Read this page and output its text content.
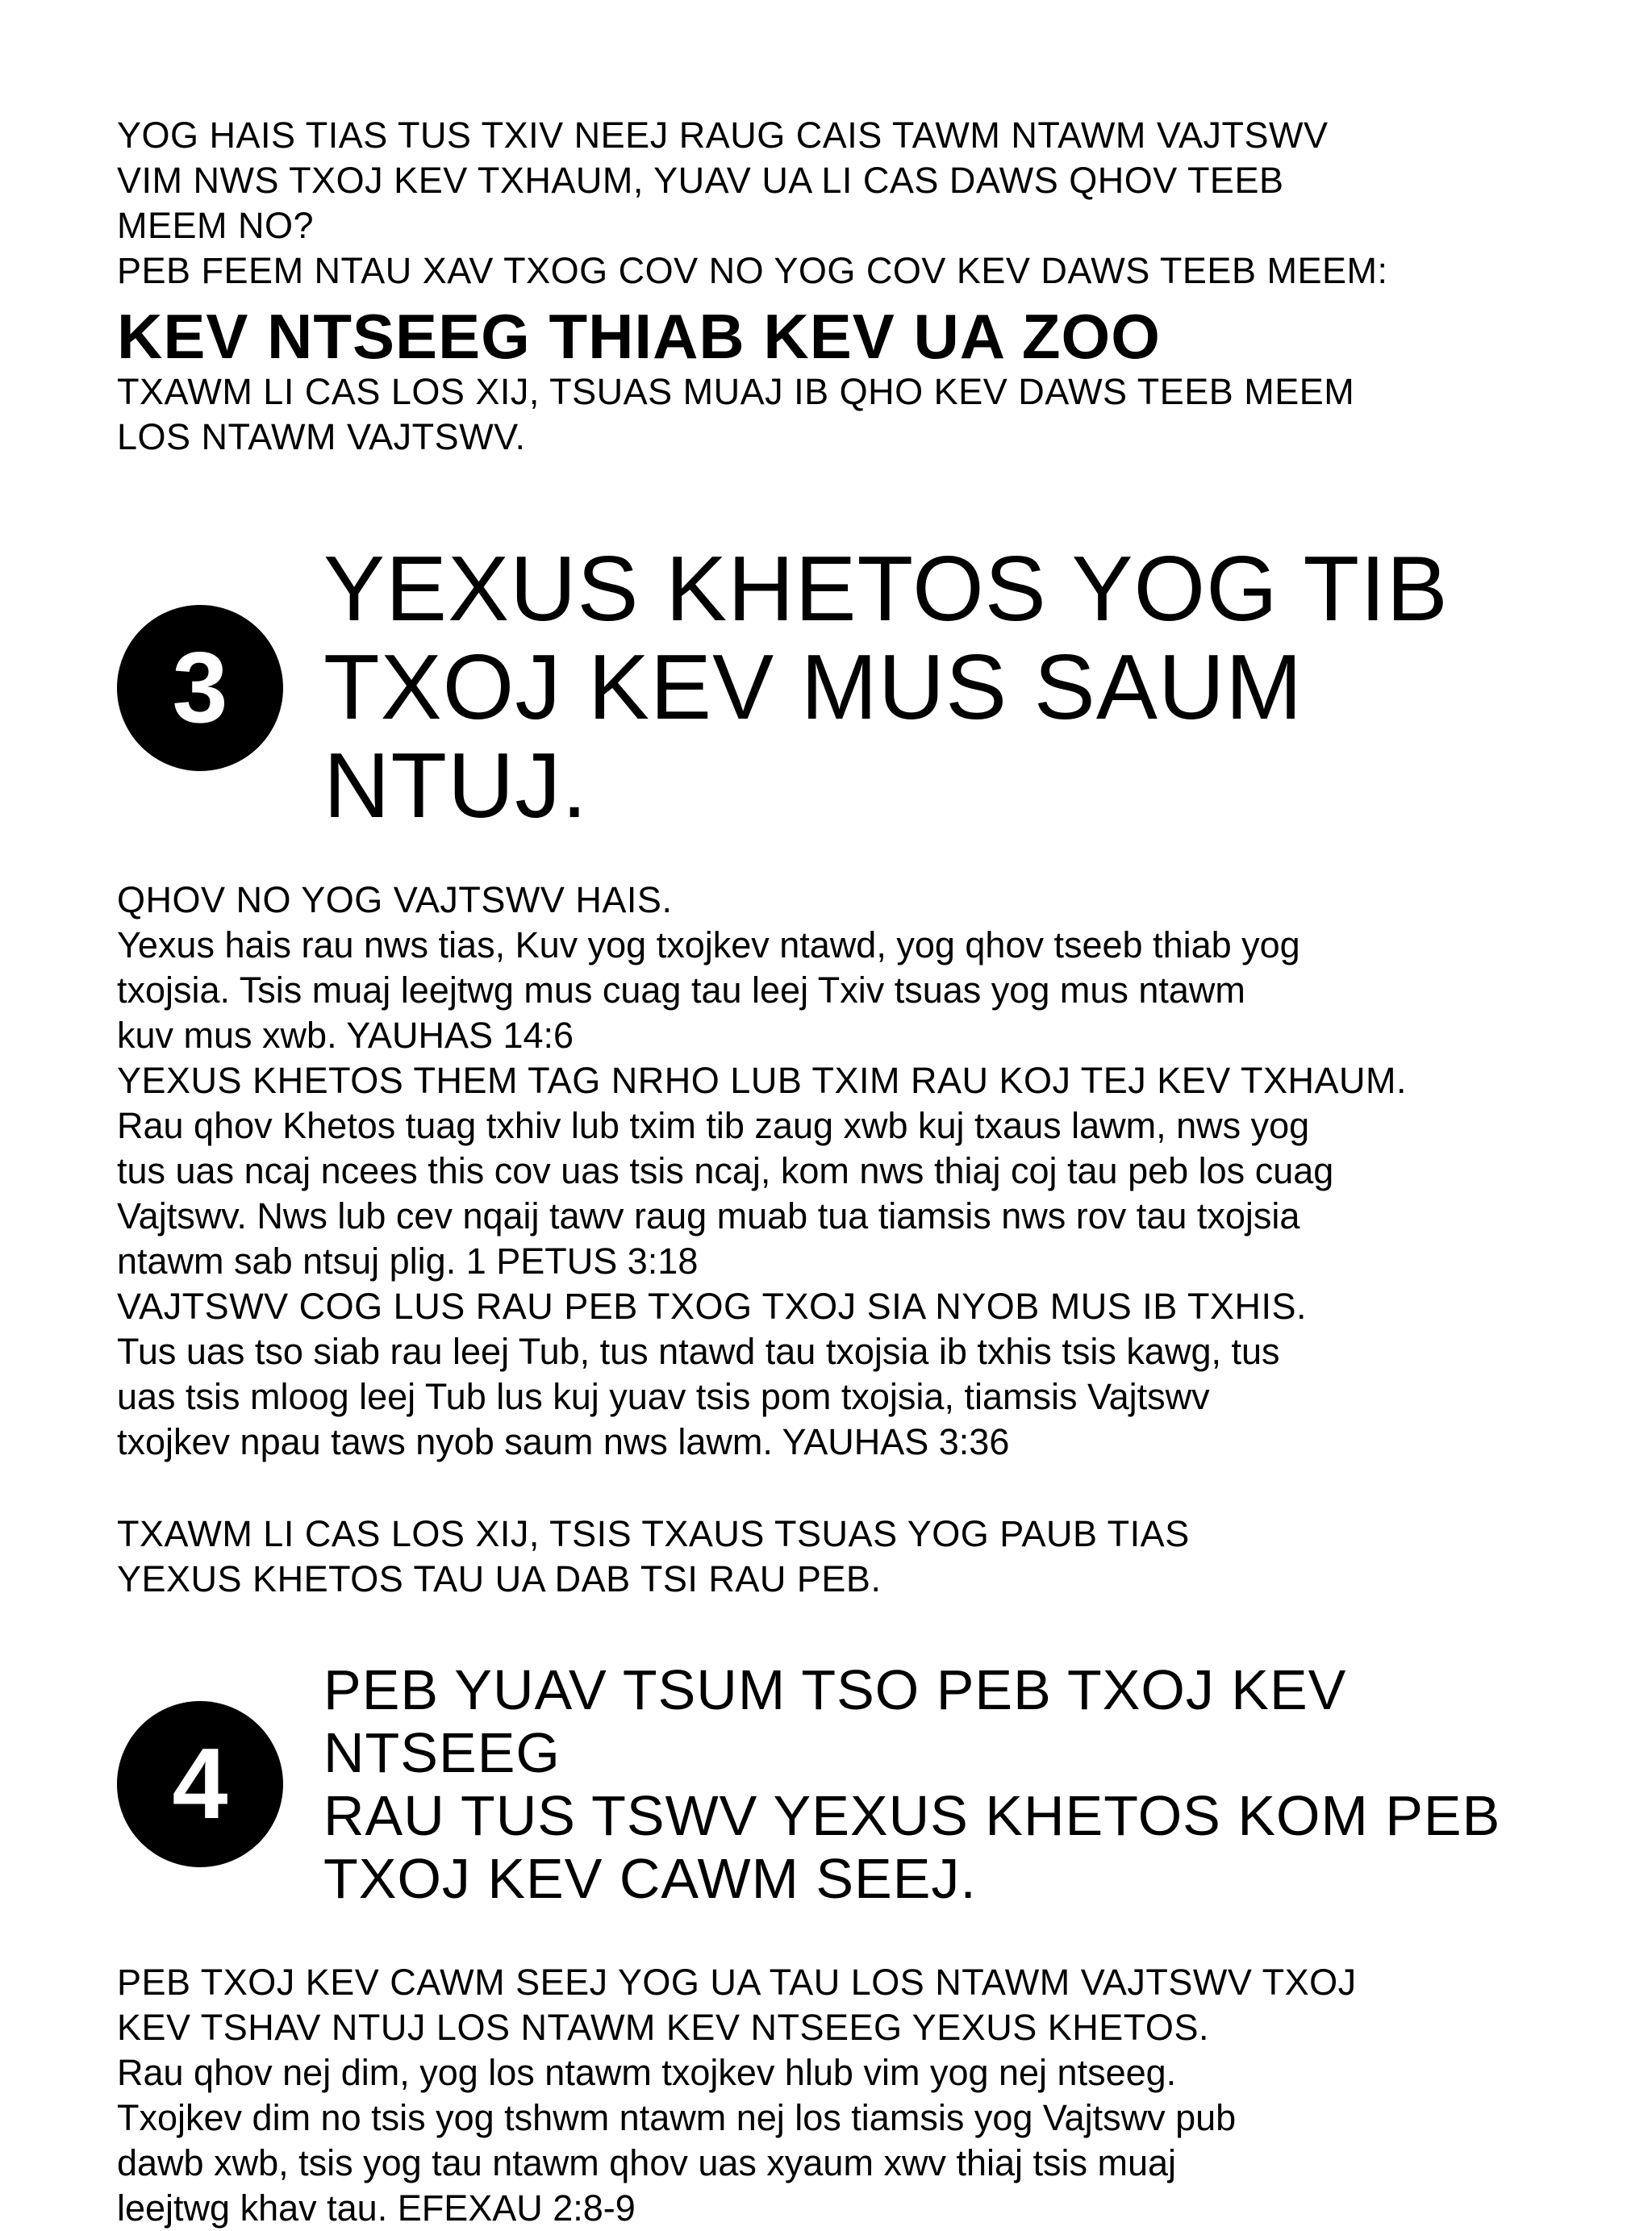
YOG HAIS TIAS TUS TXIV NEEJ RAUG CAIS TAWM NTAWM VAJTSWV

VIM NWS TXOJ KEV TXHAUM, YUAV UA LI CAS DAWS QHOV TEEB

MEEM NO?

PEB FEEM NTAU XAV TXOG COV NO YOG COV KEV DAWS TEEB MEEM:

KEV NTSEEG THIAB KEV UA ZOO

TXAWM LI CAS LOS XIJ, TSUAS MUAJ IB QHO KEV DAWS TEEB MEEM

LOS NTAWM VAJTSWV.

3

YEXUS KHETOS YOG TIB

TXOJ KEV MUS SAUM NTUJ.

QHOV NO YOG VAJTSWV HAIS.

Yexus hais rau nws tias, Kuv yog txojkev ntawd, yog qhov tseeb thiab yog

txojsia. Tsis muaj leejtwg mus cuag tau leej Txiv tsuas yog mus ntawm

kuv mus xwb. YAUHAS 14:6

YEXUS KHETOS THEM TAG NRHO LUB TXIM RAU KOJ TEJ KEV TXHAUM.

Rau qhov Khetos tuag txhiv lub txim tib zaug xwb kuj txaus lawm, nws yog

tus uas ncaj ncees this cov uas tsis ncaj, kom nws thiaj coj tau peb los cuag

Vajtswv. Nws lub cev nqaij tawv raug muab tua tiamsis nws rov tau txojsia

ntawm sab ntsuj plig. 1 PETUS 3:18

VAJTSWV COG LUS RAU PEB TXOG TXOJ SIA NYOB MUS IB TXHIS.

Tus uas tso siab rau leej Tub, tus ntawd tau txojsia ib txhis tsis kawg, tus

uas tsis mloog leej Tub lus kuj yuav tsis pom txojsia, tiamsis Vajtswv

txojkev npau taws nyob saum nws lawm. YAUHAS 3:36

TXAWM LI CAS LOS XIJ, TSIS TXAUS TSUAS YOG PAUB TIAS

YEXUS KHETOS TAU UA DAB TSI RAU PEB.

4

PEB YUAV TSUM TSO PEB TXOJ KEV NTSEEG

RAU TUS TSWV YEXUS KHETOS KOM PEB

TXOJ KEV CAWM SEEJ.

PEB TXOJ KEV CAWM SEEJ YOG UA TAU LOS NTAWM VAJTSWV TXOJ

KEV TSHAV NTUJ LOS NTAWM KEV NTSEEG YEXUS KHETOS.

Rau qhov nej dim, yog los ntawm txojkev hlub vim yog nej ntseeg.

Txojkev dim no tsis yog tshwm ntawm nej los tiamsis yog Vajtswv pub

dawb xwb, tsis yog tau ntawm qhov uas xyaum xwv thiaj tsis muaj

leejtwg khav tau. EFEXAU 2:8-9
